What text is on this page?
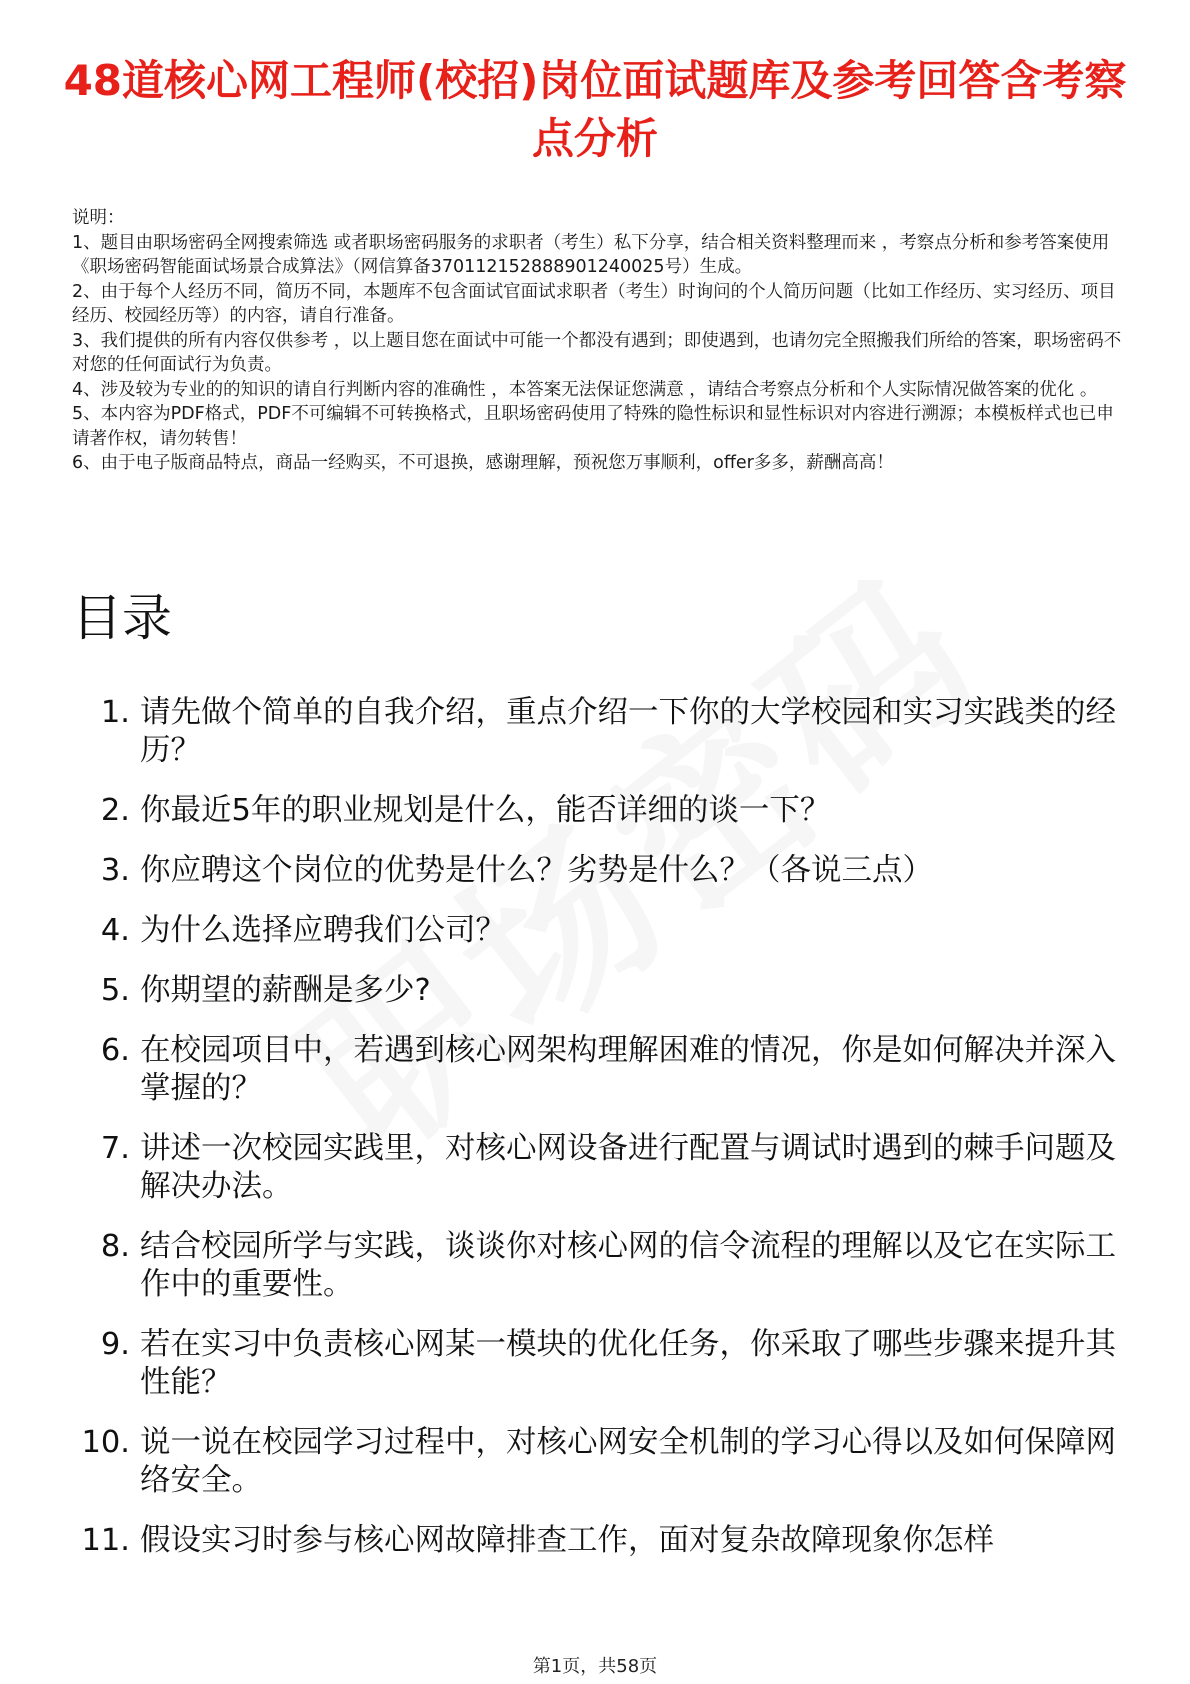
48道核心网工程师(校招)岗位面试题库及参考回答含考察点分析

说明：

1、题目由职场密码全网搜索筛选 或者职场密码服务的求职者（考生）私下分享，结合相关资料整理而来 ，考察点分析和参考答案使用《职场密码智能面试场景合成算法》（网信算备370112152888901240025号）生成。

2、由于每个人经历不同，简历不同，本题库不包含面试官面试求职者（考生）时询问的个人简历问题（比如工作经历、实习经历、项目经历、校园经历等）的内容，请自行准备。

3、我们提供的所有内容仅供参考 ，以上题目您在面试中可能一个都没有遇到；即使遇到，也请勿完全照搬我们所给的答案，职场密码不对您的任何面试行为负责。

4、涉及较为专业的的知识的请自行判断内容的准确性 ，本答案无法保证您满意 ，请结合考察点分析和个人实际情况做答案的优化 。

5、本内容为PDF格式，PDF不可编辑不可转换格式，且职场密码使用了特殊的隐性标识和显性标识对内容进行溯源；本模板样式也已申请著作权，请勿转售！

6、由于电子版商品特点，商品一经购买，不可退换，感谢理解，预祝您万事顺利，offer多多，薪酬高高！

目录
1. 请先做个简单的自我介绍，重点介绍一下你的大学校园和实习实践类的经历？
2. 你最近5年的职业规划是什么，能否详细的谈一下？
3. 你应聘这个岗位的优势是什么？劣势是什么？（各说三点）
4. 为什么选择应聘我们公司？
5. 你期望的薪酬是多少?
6. 在校园项目中，若遇到核心网架构理解困难的情况，你是如何解决并深入掌握的？
7. 讲述一次校园实践里，对核心网设备进行配置与调试时遇到的棘手问题及解决办法。
8. 结合校园所学与实践，谈谈你对核心网的信令流程的理解以及它在实际工作中的重要性。
9. 若在实习中负责核心网某一模块的优化任务，你采取了哪些步骤来提升其性能？
10. 说一说在校园学习过程中，对核心网安全机制的学习心得以及如何保障网络安全。
11. 假设实习时参与核心网故障排查工作，面对复杂故障现象你怎样
第1页，共58页
